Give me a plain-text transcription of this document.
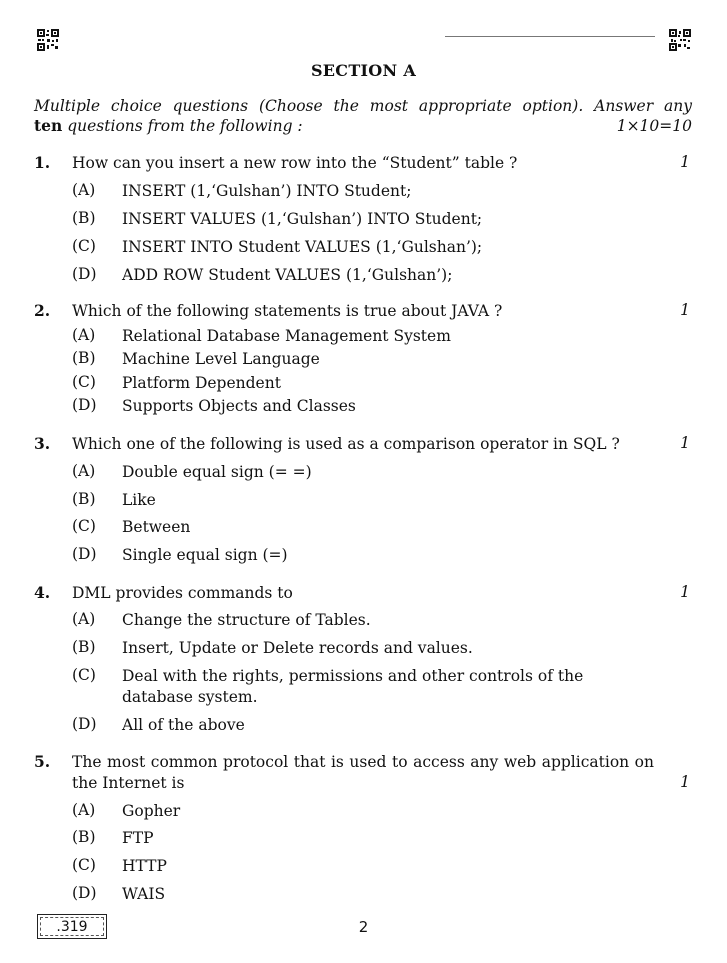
SECTION A
Multiple choice questions (Choose the most appropriate option). Answer any
ten questions from the following :	1×10=10
1. How can you insert a new row into the “Student” table ?	1
(A) INSERT (1,‘Gulshan’) INTO Student;
(B) INSERT VALUES (1,‘Gulshan’) INTO Student;
(C) INSERT INTO Student VALUES (1,‘Gulshan’);
(D) ADD ROW Student VALUES (1,‘Gulshan’);
2. Which of the following statements is true about JAVA ?	1
(A) Relational Database Management System
(B) Machine Level Language
(C) Platform Dependent
(D) Supports Objects and Classes
3. Which one of the following is used as a comparison operator in SQL ?	1
(A) Double equal sign (= =)
(B) Like
(C) Between
(D) Single equal sign (=)
4. DML provides commands to	1
(A) Change the structure of Tables.
(B) Insert, Update or Delete records and values.
(C) Deal with the rights, permissions and other controls of the database system.
(D) All of the above
5. The most common protocol that is used to access any web application on the Internet is	1
(A) Gopher
(B) FTP
(C) HTTP
(D) WAIS
.319	2
